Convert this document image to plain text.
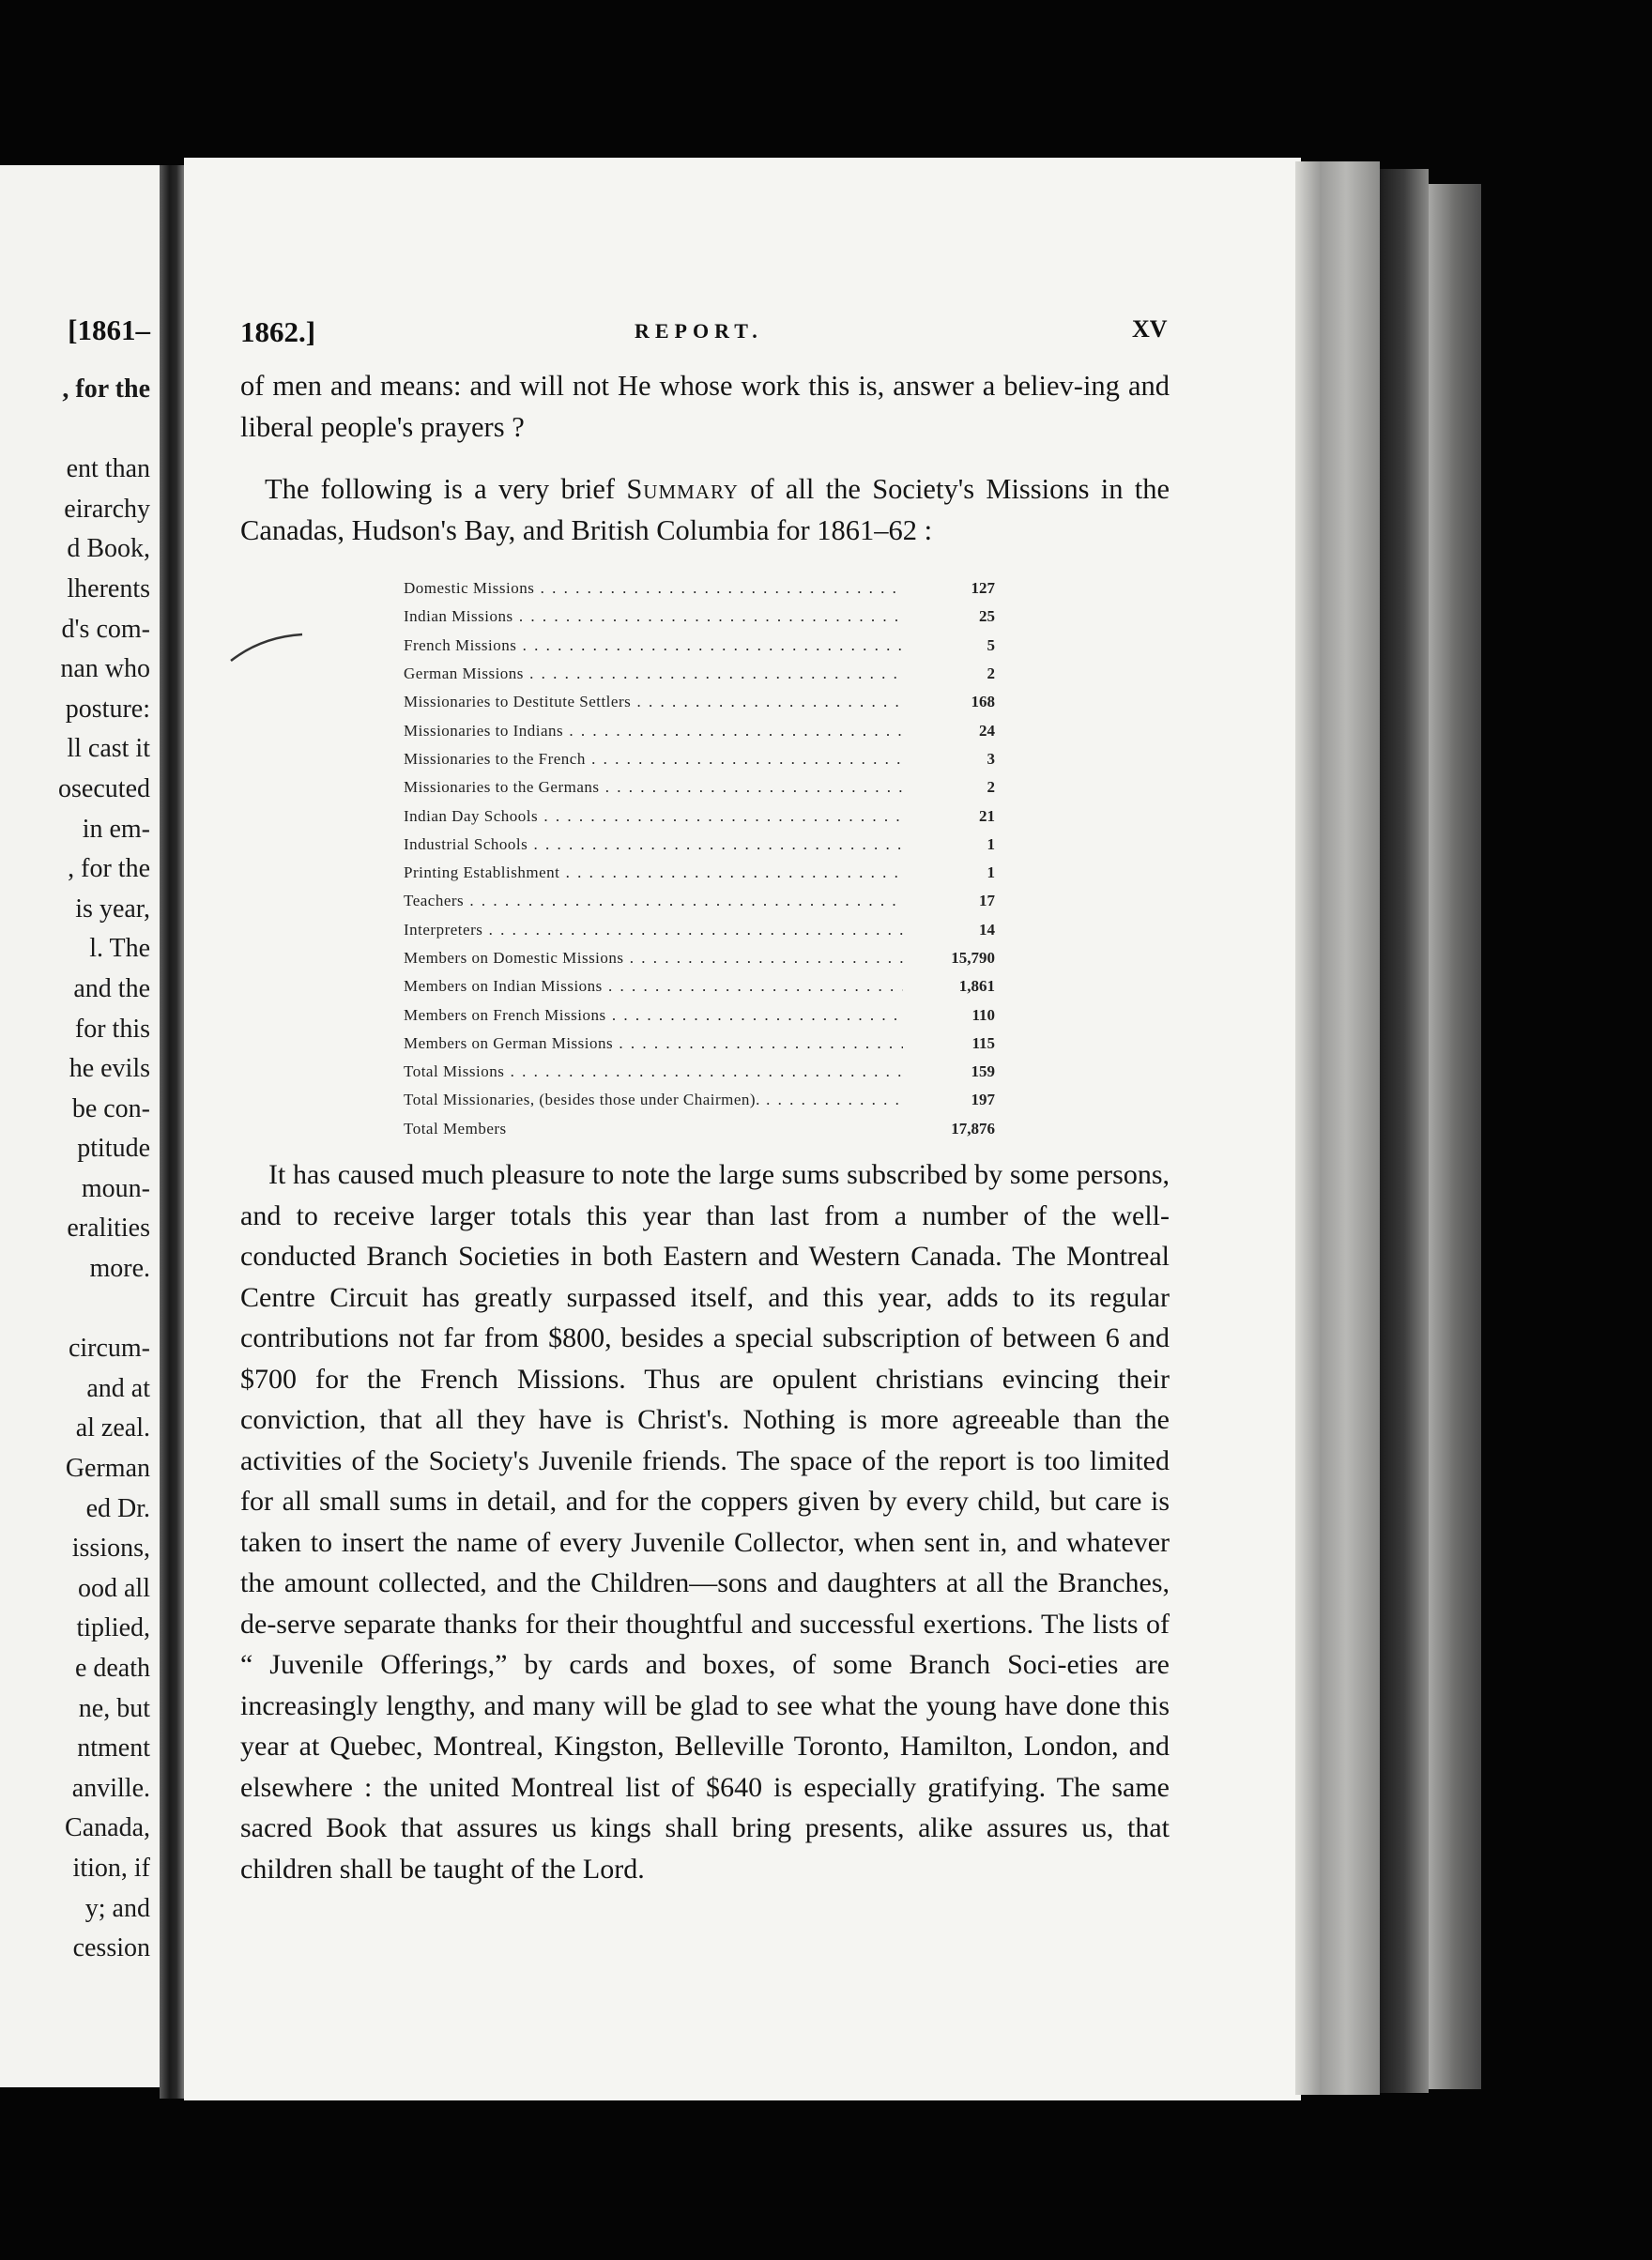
, for the

ent than
eirarchy
d Book,
lherents
d's com-
nan who
posture:
ll cast it
osecuted
in em-
, for the
is year,
l. The
and the
for this
he evils
be con-
ptitude
moun-
eralities
more.

circum-
and at
al zeal.
German
ed Dr.
issions,
ood all
tiplied,
e death
ne, but
ntment
anville.
Canada,
ition, if
y; and
cession
[1861–	1862.]	REPORT.	XV
of men and means: and will not He whose work this is, answer a believ-ing and liberal people's prayers ?
The following is a very brief Summary of all the Society's Missions in the Canadas, Hudson's Bay, and British Columbia for 1861–62 :
Domestic Missions . . .	127
Indian Missions . . .	25
French Missions . . .	5
German Missions . . .	2
Missionaries to Destitute Settlers . . .	168
Missionaries to Indians . . .	24
Missionaries to the French . . .	3
Missionaries to the Germans . . .	2
Indian Day Schools . . .	21
Industrial Schools . . .	1
Printing Establishment . . .	1
Teachers . . .	17
Interpreters . . .	14
Members on Domestic Missions . . .	15,790
Members on Indian Missions . . .	1,861
Members on French Missions . . .	110
Members on German Missions . . .	115
Total Missions . . .	159
Total Missionaries, (besides those under Chairmen). . . .	197
Total Members	17,876
It has caused much pleasure to note the large sums subscribed by some persons, and to receive larger totals this year than last from a number of the well-conducted Branch Societies in both Eastern and Western Canada. The Montreal Centre Circuit has greatly surpassed itself, and this year, adds to its regular contributions not far from $800, besides a special subscription of between 6 and $700 for the French Missions. Thus are opulent christians evincing their conviction, that all they have is Christ's. Nothing is more agreeable than the activities of the Society's Juvenile friends. The space of the report is too limited for all small sums in detail, and for the coppers given by every child, but care is taken to insert the name of every Juvenile Collector, when sent in, and whatever the amount collected, and the Children—sons and daughters at all the Branches, de-serve separate thanks for their thoughtful and successful exertions. The lists of “ Juvenile Offerings,” by cards and boxes, of some Branch Soci-eties are increasingly lengthy, and many will be glad to see what the young have done this year at Quebec, Montreal, Kingston, Belleville Toronto, Hamilton, London, and elsewhere : the united Montreal list of $640 is especially gratifying. The same sacred Book that assures us kings shall bring presents, alike assures us, that children shall be taught of the Lord.
